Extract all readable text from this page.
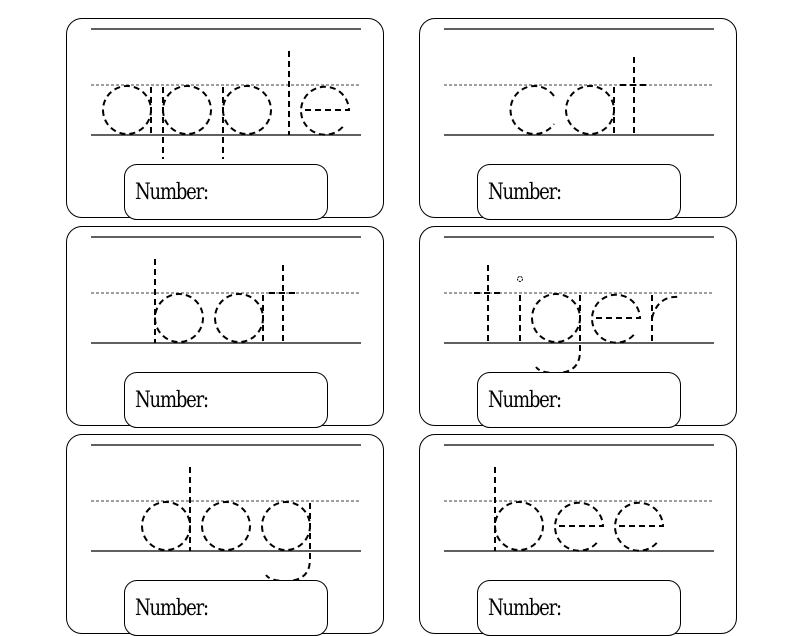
Number:	Number:
Number:	Number:
Number:	Number:
